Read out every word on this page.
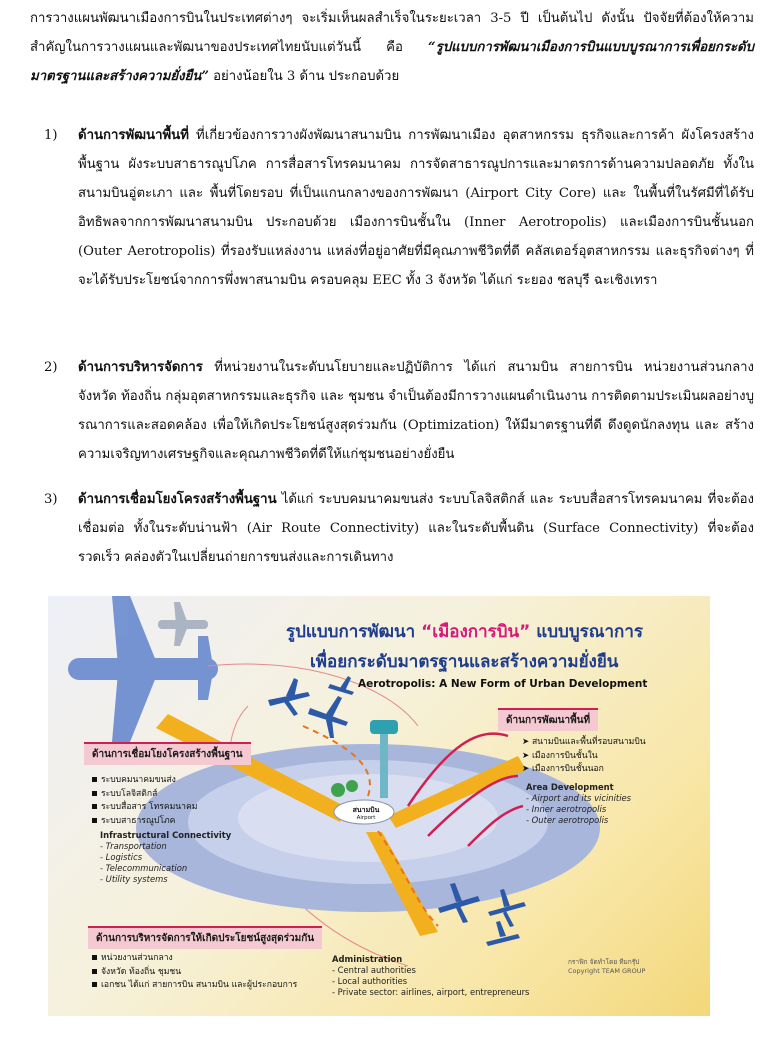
การวางแผนพัฒนาเมืองการบินในประเทศต่างๆ จะเริ่มเห็นผลสำเร็จในระยะเวลา 3-5 ปี เป็นต้นไป ดังนั้น ปัจจัยที่ต้องให้ความสำคัญในการวางแผนและพัฒนาของประเทศไทยนับแต่วันนี้ คือ “รูปแบบการพัฒนาเมืองการบินแบบบูรณาการเพื่อยกระดับมาตรฐานและสร้างความยั่งยืน” อย่างน้อยใน 3 ด้าน ประกอบด้วย
1)	ด้านการพัฒนาพื้นที่ ที่เกี่ยวข้องการวางผังพัฒนาสนามบิน การพัฒนาเมือง อุตสาหกรรม ธุรกิจและการค้า ผังโครงสร้างพื้นฐาน ผังระบบสาธารณูปโภค การสื่อสารโทรคมนาคม การจัดสาธารณูปการและมาตรการด้านความปลอดภัย ทั้งในสนามบินอู่ตะเภา และ พื้นที่โดยรอบ ที่เป็นแกนกลางของการพัฒนา (Airport City Core) และ ในพื้นที่ในรัศมีที่ได้รับอิทธิพลจากการพัฒนาสนามบิน ประกอบด้วย เมืองการบินชั้นใน (Inner Aerotropolis) และเมืองการบินชั้นนอก (Outer Aerotropolis) ที่รองรับแหล่งงาน แหล่งที่อยู่อาศัยที่มีคุณภาพชีวิตที่ดี คลัสเตอร์อุตสาหกรรม และธุรกิจต่างๆ ที่จะได้รับประโยชน์จากการพึ่งพาสนามบิน ครอบคลุม EEC ทั้ง 3 จังหวัด ได้แก่ ระยอง ชลบุรี ฉะเชิงเทรา
2)	ด้านการบริหารจัดการ ที่หน่วยงานในระดับนโยบายและปฏิบัติการ ได้แก่ สนามบิน สายการบิน หน่วยงานส่วนกลาง จังหวัด ท้องถิ่น กลุ่มอุตสาหกรรมและธุรกิจ และ ชุมชน จำเป็นต้องมีการวางแผนดำเนินงาน การติดตามประเมินผลอย่างบูรณาการและสอดคล้อง เพื่อให้เกิดประโยชน์สูงสุดร่วมกัน (Optimization) ให้มีมาตรฐานที่ดี ดึงดูดนักลงทุน และ สร้างความเจริญทางเศรษฐกิจและคุณภาพชีวิตที่ดีให้แก่ชุมชนอย่างยั่งยืน
3)	ด้านการเชื่อมโยงโครงสร้างพื้นฐาน ได้แก่ ระบบคมนาคมขนส่ง ระบบโลจิสติกส์ และ ระบบสื่อสารโทรคมนาคม ที่จะต้องเชื่อมต่อ ทั้งในระดับน่านฟ้า (Air Route Connectivity) และในระดับพื้นดิน (Surface Connectivity) ที่จะต้องรวดเร็ว คล่องตัวในเปลี่ยนถ่ายการขนส่งและการเดินทาง
รูปแบบการพัฒนา “เมืองการบิน” แบบบูรณาการ
เพื่อยกระดับมาตรฐานและสร้างความยั่งยืน
Aerotropolis: A New Form of Urban Development
สนามบิน
Airport
ด้านการพัฒนาพื้นที่
➤ สนามบินและพื้นที่รอบสนามบิน
➤ เมืองการบินชั้นใน
➤ เมืองการบินชั้นนอก
Area Development
- Airport and its vicinities
- Inner aerotropolis
- Outer aerotropolis
ด้านการเชื่อมโยงโครงสร้างพื้นฐาน
ระบบคมนาคมขนส่ง
ระบบโลจิสติกส์
ระบบสื่อสาร โทรคมนาคม
ระบบสาธารณูปโภค
Infrastructural Connectivity
- Transportation
- Logistics
- Telecommunication
- Utility systems
ด้านการบริหารจัดการให้เกิดประโยชน์สูงสุดร่วมกัน
หน่วยงานส่วนกลาง
จังหวัด ท้องถิ่น ชุมชน
เอกชน ได้แก่ สายการบิน สนามบิน และผู้ประกอบการ
Administration
- Central authorities
- Local authorities
- Private sector: airlines, airport, entrepreneurs
กราฟิก จัดทำโดย ทีมกรุ๊ป
Copyright TEAM GROUP
